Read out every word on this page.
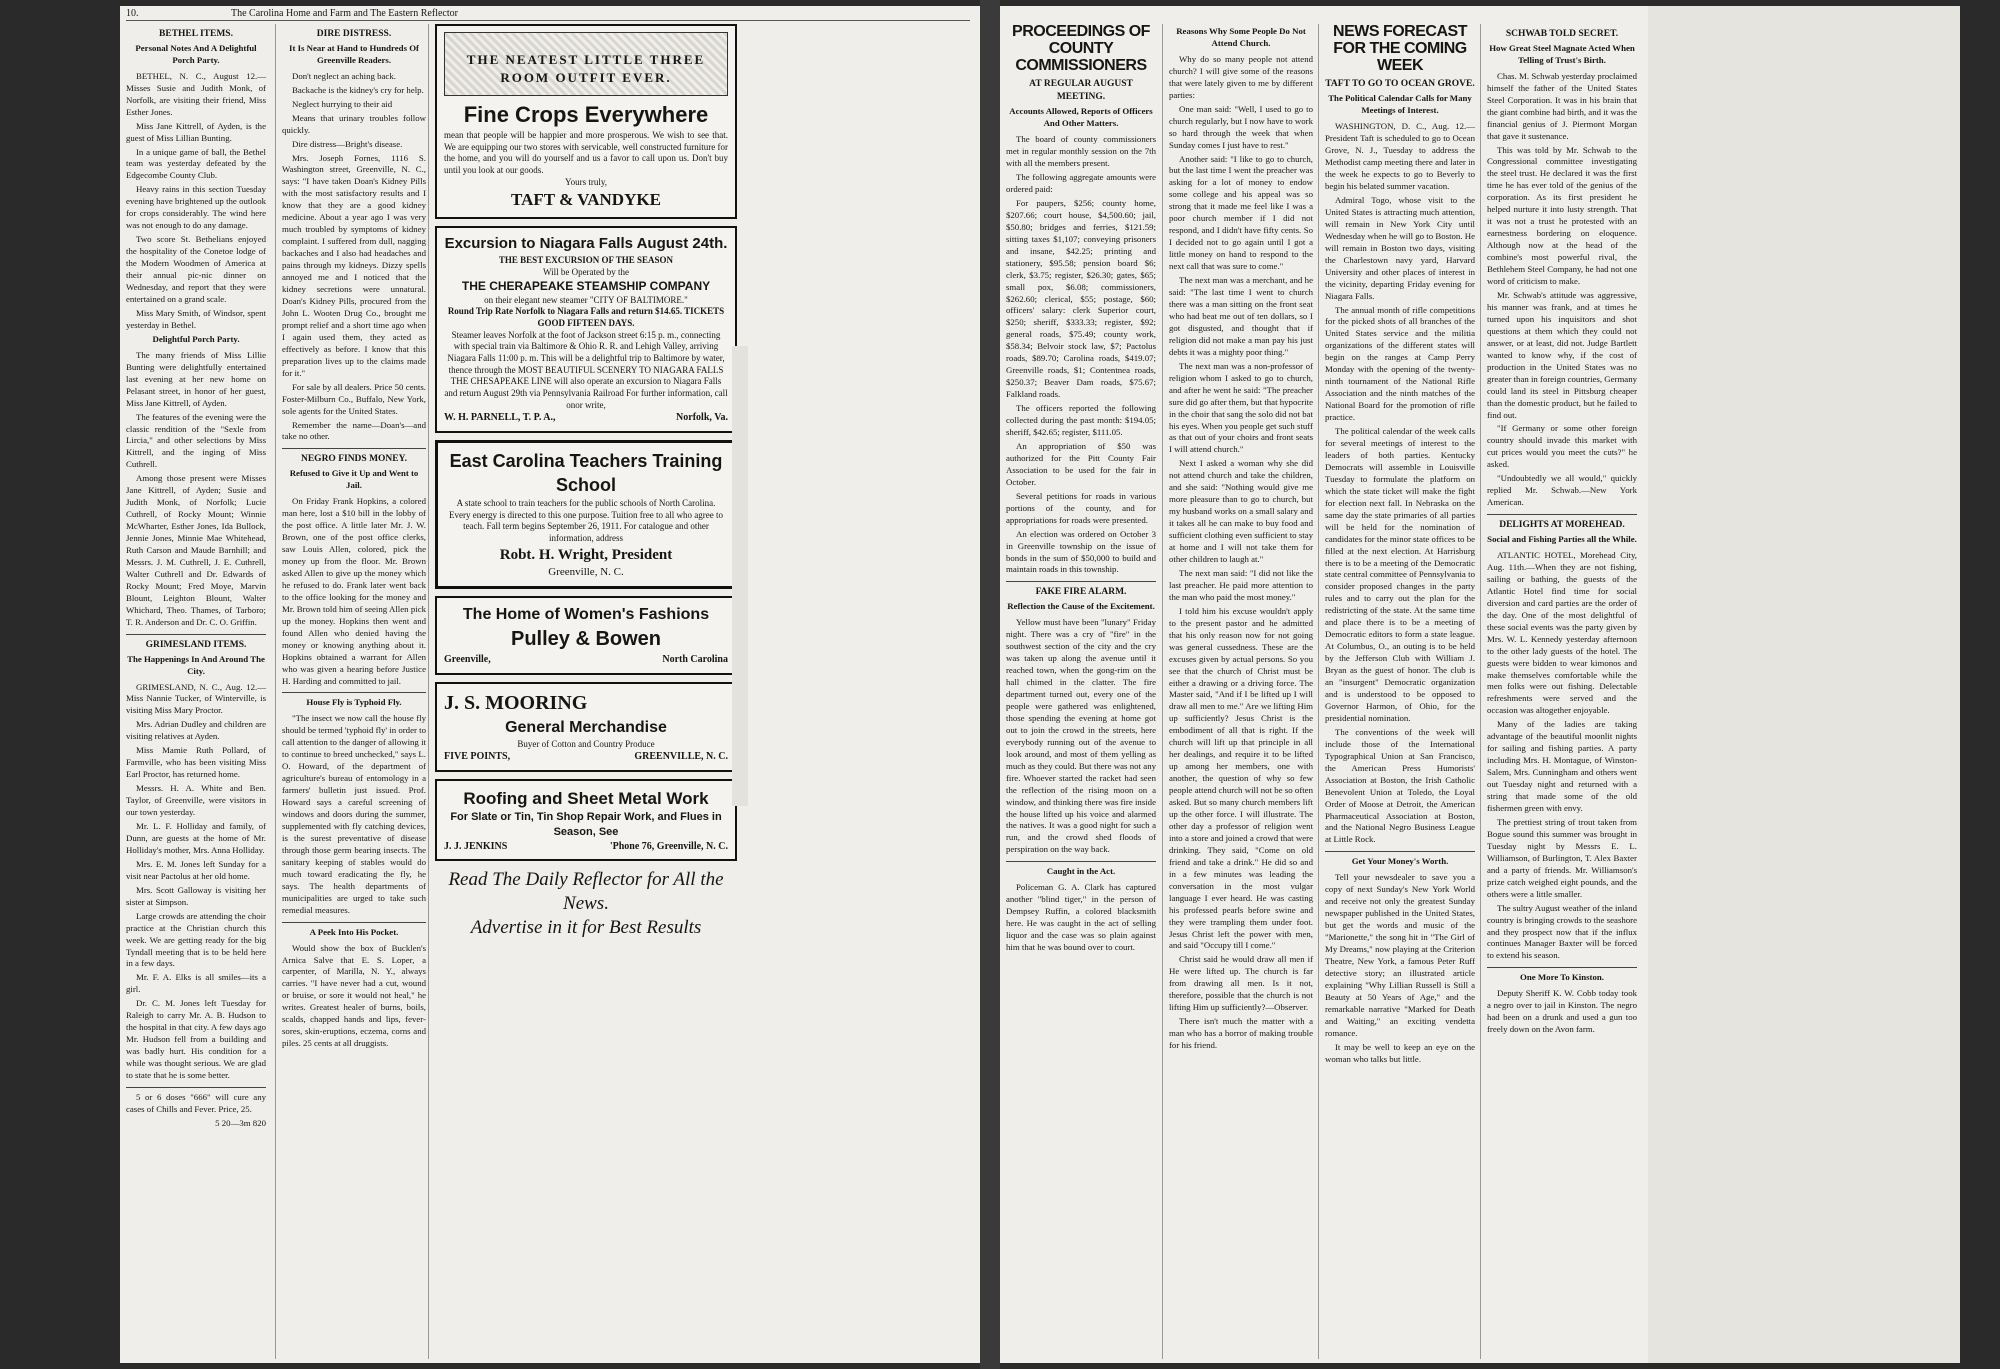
10.	The Carolina Home and Farm and The Eastern Reflector
BETHEL ITEMS.
Personal Notes And A Delightful Porch Party.

BETHEL, N. C., August 12.—Misses Susie and Judith Monk, of Norfolk, are visiting their friend, Miss Esther Jones.

Miss Jane Kittrell, of Ayden, is the guest of Miss Lillian Bunting.

In a unique game of ball, the Bethel team was yesterday defeated by the Edgecombe County Club.

Heavy rains in this section Tuesday evening have brightened up the outlook for crops considerably. The wind here was not enough to do any damage.

Two score St. Bethelians enjoyed the hospitality of the Conetoe lodge of the Modern Woodmen of America at their annual pic-nic dinner on Wednesday, and report that they were entertained on a grand scale.

Miss Mary Smith, of Windsor, spent yesterday in Bethel.

Delightful Porch Party.

The many friends of Miss Lillie Bunting were delightfully entertained last evening at her new home on Pelasant street, in honor of her guest, Miss Jane Kittrell, of Ayden.

The features of the evening were the classic rendition of the "Sexle from Lircia," and other selections by Miss Kittrell, and the inging of Miss Cuthrell.

Among those present were Misses Jane Kittrell, of Ayden; Susie and Judith Monk, of Norfolk; Lucie Cuthrell, of Rocky Mount; Winnie McWharter, Esther Jones, Ida Bullock, Jennie Jones, Minnie Mae Whitehead, Ruth Carson and Maude Barnhill; and Messrs. J. M. Cuthrell, J. E. Cuthrell, Walter Cuthrell and Dr. Edwards of Rocky Mount; Fred Moye, Marvin Blount, Leighton Blount, Walter Whichard, Theo. Thames, of Tarboro; T. R. Anderson and Dr. C. O. Griffin.

GRIMESLAND ITEMS.
The Happenings In And Around The City.

GRIMESLAND, N. C., Aug. 12.—Miss Nannie Tucker, of Winterville, is visiting Miss Mary Proctor.

Mrs. Adrian Dudley and children are visiting relatives at Ayden.

Miss Mamie Ruth Pollard, of Farmville, who has been visiting Miss Earl Proctor, has returned home.

Messrs. H. A. White and Ben. Taylor, of Greenville, were visitors in our town yesterday.

Mr. L. F. Holliday and family, of Dunn, are guests at the home of Mr. Holliday's mother, Mrs. Anna Holliday.

Mrs. E. M. Jones left Sunday for a visit near Pactolus at her old home.

Mrs. Scott Galloway is visiting her sister at Simpson.

Large crowds are attending the choir practice at the Christian church this week. We are getting ready for the big Tyndall meeting that is to be held here in a few days.

Mr. F. A. Elks is all smiles—its a girl.

Dr. C. M. Jones left Tuesday for Raleigh to carry Mr. A. B. Hudson to the hospital in that city. A few days ago Mr. Hudson fell from a building and was badly hurt. His condition for a while was thought serious. We are glad to state that he is some better.

5 or 6 doses "666" will cure any cases of Chills and Fever. Price, 25.

5 20—3m 820

DIRE DISTRESS.
It Is Near at Hand to Hundreds Of Greenville Readers.

Don't neglect an aching back.

Backache is the kidney's cry for help.

Neglect hurrying to their aid

Means that urinary troubles follow quickly.

Dire distress—Bright's disease.

Mrs. Joseph Fornes, 1116 S. Washington street, Greenville, N. C., says: "I have taken Doan's Kidney Pills with the most satisfactory results and I know that they are a good kidney medicine. About a year ago I was very much troubled by symptoms of kidney complaint. I suffered from dull, nagging backaches and I also had headaches and pains through my kidneys. Dizzy spells annoyed me and I noticed that the kidney secretions were unnatural. Doan's Kidney Pills, procured from the John L. Wooten Drug Co., brought me prompt relief and a short time ago when I again used them, they acted as effectively as before. I know that this preparation lives up to the claims made for it."

For sale by all dealers. Price 50 cents. Foster-Milburn Co., Buffalo, New York, sole agents for the United States.

Remember the name—Doan's—and take no other.

NEGRO FINDS MONEY.
Refused to Give it Up and Went to Jail.

On Friday Frank Hopkins, a colored man here, lost a $10 bill in the lobby of the post office. A little later Mr. J. W. Brown, one of the post office clerks, saw Louis Allen, colored, pick the money up from the floor. Mr. Brown asked Allen to give up the money which he refused to do. Frank later went back to the office looking for the money and Mr. Brown told him of seeing Allen pick up the money. Hopkins then went and found Allen who denied having the money or knowing anything about it. Hopkins obtained a warrant for Allen who was given a hearing before Justice H. Harding and committed to jail.

House Fly is Typhoid Fly.

"The insect we now call the house fly should be termed 'typhoid fly' in order to call attention to the danger of allowing it to continue to breed unchecked," says L. O. Howard, of the department of agriculture's bureau of entomology in a farmers' bulletin just issued. Prof. Howard says a careful screening of windows and doors during the summer, supplemented with fly catching devices, is the surest preventative of disease through those germ bearing insects. The sanitary keeping of stables would do much toward eradicating the fly, he says. The health departments of municipalities are urged to take such remedial measures.

A Peek Into His Pocket.

Would show the box of Bucklen's Arnica Salve that E. S. Loper, a carpenter, of Marilla, N. Y., always carries. "I have never had a cut, wound or bruise, or sore it would not heal," he writes. Greatest healer of burns, boils, scalds, chapped hands and lips, fever-sores, skin-eruptions, eczema, corns and piles. 25 cents at all druggists.

THE NEATEST LITTLE THREE ROOM OUTFIT EVER.
Fine Crops Everywhere
mean that people will be happier and more prosperous. We wish to see that. We are equipping our two stores with servicable, well constructed furniture for the home, and you will do yourself and us a favor to call upon us. Don't buy until you look at our goods.
Yours truly,
TAFT & VANDYKE
Excursion to Niagara Falls August 24th.
THE BEST EXCURSION OF THE SEASON
Will be Operated by the
THE CHERAPEAKE STEAMSHIP COMPANY
on their elegant new steamer "CITY OF BALTIMORE."
Round Trip Rate Norfolk to Niagara Falls and return $14.65. TICKETS GOOD FIFTEEN DAYS.
Steamer leaves Norfolk at the foot of Jackson street 6:15 p. m., connecting with special train via Baltimore & Ohio R. R. and Lehigh Valley, arriving Niagara Falls 11:00 p. m. This will be a delightful trip to Baltimore by water, thence through the MOST BEAUTIFUL SCENERY TO NIAGARA FALLS THE CHESAPEAKE LINE will also operate an excursion to Niagara Falls and return August 29th via Pennsylvania Railroad For further information, call onor write,
W. H. PARNELL, T. P. A.,	Norfolk, Va.
East Carolina Teachers Training School
A state school to train teachers for the public schools of North Carolina. Every energy is directed to this one purpose. Tuition free to all who agree to teach. Fall term begins September 26, 1911. For catalogue and other information, address
Robt. H. Wright, President
Greenville, N. C.
The Home of Women's Fashions
Pulley & Bowen
Greenville,	North Carolina
J. S. MOORING
General Merchandise
Buyer of Cotton and Country Produce
FIVE POINTS,	GREENVILLE, N. C.
Roofing and Sheet Metal Work
For Slate or Tin, Tin Shop Repair Work, and Flues in Season, See
J. J. JENKINS	'Phone 76, Greenville, N. C.
Read The Daily Reflector for All the News.
Advertise in it for Best Results
PROCEEDINGS OF COUNTY COMMISSIONERS
AT REGULAR AUGUST MEETING.
Accounts Allowed, Reports of Officers And Other Matters.

The board of county commissioners met in regular monthly session on the 7th with all the members present.

The following aggregate amounts were ordered paid:

For paupers, $256; county home, $207.66; court house, $4,500.60; jail, $50.80; bridges and ferries, $121.59; sitting taxes $1,107; conveying prisoners and insane, $42.25; printing and stationery, $95.58; pension board $6; clerk, $3.75; register, $26.30; gates, $65; small pox, $6.08; commissioners, $262.60; clerical, $55; postage, $60; officers' salary: clerk Superior court, $250; sheriff, $333.33; register, $92; general roads, $75.49; county work, $58.34; Belvoir stock law, $7; Pactolus roads, $89.70; Carolina roads, $419.07; Greenville roads, $1; Contentnea roads, $250.37; Beaver Dam roads, $75.67; Falkland roads.

The officers reported the following collected during the past month: $194.05; sheriff, $42.65; register, $111.05.

An appropriation of $50 was authorized for the Pitt County Fair Association to be used for the fair in October.

Several petitions for roads in various portions of the county, and for appropriations for roads were presented.

An election was ordered on October 3 in Greenville township on the issue of bonds in the sum of $50,000 to build and maintain roads in this township.

FAKE FIRE ALARM.
Reflection the Cause of the Excitement.

Yellow must have been "lunary" Friday night. There was a cry of "fire" in the southwest section of the city and the cry was taken up along the avenue until it reached town, when the gong-rim on the hall chimed in the clatter. The fire department turned out, every one of the people were gathered was enlightened, those spending the evening at home got out to join the crowd in the streets, here everybody running out of the avenue to look around, and most of them yelling as much as they could. But there was not any fire. Whoever started the racket had seen the reflection of the rising moon on a window, and thinking there was fire inside the house lifted up his voice and alarmed the natives. It was a good night for such a run, and the crowd shed floods of perspiration on the way back.

Caught in the Act.

Policeman G. A. Clark has captured another "blind tiger," in the person of Dempsey Ruffin, a colored blacksmith here. He was caught in the act of selling liquor and the case was so plain against him that he was bound over to court.

Reasons Why Some People Do Not Attend Church.

Why do so many people not attend church? I will give some of the reasons that were lately given to me by different parties:

One man said: "Well, I used to go to church regularly, but I now have to work so hard through the week that when Sunday comes I just have to rest."

Another said: "I like to go to church, but the last time I went the preacher was asking for a lot of money to endow some college and his appeal was so strong that it made me feel like I was a poor church member if I did not respond, and I didn't have fifty cents. So I decided not to go again until I got a little money on hand to respond to the next call that was sure to come."

The next man was a merchant, and he said: "The last time I went to church there was a man sitting on the front seat who had beat me out of ten dollars, so I got disgusted, and thought that if religion did not make a man pay his just debts it was a mighty poor thing."

The next man was a non-professor of religion whom I asked to go to church, and after he went he said: "The preacher sure did go after them, but that hypocrite in the choir that sang the solo did not bat his eyes. When you people get such stuff as that out of your choirs and front seats I will attend church."

Next I asked a woman why she did not attend church and take the children, and she said: "Nothing would give me more pleasure than to go to church, but my husband works on a small salary and it takes all he can make to buy food and sufficient clothing even sufficient to stay at home and I will not take them for other children to laugh at."

The next man said: "I did not like the last preacher. He paid more attention to the man who paid the most money."

I told him his excuse wouldn't apply to the present pastor and he admitted that his only reason now for not going was general cussedness. These are the excuses given by actual persons. So you see that the church of Christ must be either a drawing or a driving force. The Master said, "And if I be lifted up I will draw all men to me." Are we lifting Him up sufficiently? Jesus Christ is the embodiment of all that is right. If the church will lift up that principle in all her dealings, and require it to be lifted up among her members, one with another, the question of why so few people attend church will not be so often asked. But so many church members lift up the other force. I will illustrate. The other day a professor of religion went into a store and joined a crowd that were drinking. They said, "Come on old friend and take a drink." He did so and in a few minutes was leading the conversation in the most vulgar language I ever heard. He was casting his professed pearls before swine and they were trampling them under foot. Jesus Christ left the power with men, and said "Occupy till I come."

Christ said he would draw all men if He were lifted up. The church is far from drawing all men. Is it not, therefore, possible that the church is not lifting Him up sufficiently?—Observer.

There isn't much the matter with a man who has a horror of making trouble for his friend.

NEWS FORECAST FOR THE COMING WEEK
TAFT TO GO TO OCEAN GROVE.
The Political Calendar Calls for Many Meetings of Interest.

WASHINGTON, D. C., Aug. 12.—President Taft is scheduled to go to Ocean Grove, N. J., Tuesday to address the Methodist camp meeting there and later in the week he expects to go to Beverly to begin his belated summer vacation.

Admiral Togo, whose visit to the United States is attracting much attention, will remain in New York City until Wednesday when he will go to Boston. He will remain in Boston two days, visiting the Charlestown navy yard, Harvard University and other places of interest in the vicinity, departing Friday evening for Niagara Falls.

The annual month of rifle competitions for the picked shots of all branches of the United States service and the militia organizations of the different states will begin on the ranges at Camp Perry Monday with the opening of the twenty-ninth tournament of the National Rifle Association and the ninth matches of the National Board for the promotion of rifle practice.

The political calendar of the week calls for several meetings of interest to the leaders of both parties. Kentucky Democrats will assemble in Louisville Tuesday to formulate the platform on which the state ticket will make the fight for election next fall. In Nebraska on the same day the state primaries of all parties will be held for the nomination of candidates for the minor state offices to be filled at the next election. At Harrisburg there is to be a meeting of the Democratic state central committee of Pennsylvania to consider proposed changes in the party rules and to carry out the plan for the redistricting of the state. At the same time and place there is to be a meeting of Democratic editors to form a state league. At Columbus, O., an outing is to be held by the Jefferson Club with William J. Bryan as the guest of honor. The club is an "insurgent" Democratic organization and is understood to be opposed to Governor Harmon, of Ohio, for the presidential nomination.

The conventions of the week will include those of the International Typographical Union at San Francisco, the American Press Humorists' Association at Boston, the Irish Catholic Benevolent Union at Toledo, the Loyal Order of Moose at Detroit, the American Pharmaceutical Association at Boston, and the National Negro Business League at Little Rock.

Get Your Money's Worth.

Tell your newsdealer to save you a copy of next Sunday's New York World and receive not only the greatest Sunday newspaper published in the United States, but get the words and music of the "Marionette," the song hit in "The Girl of My Dreams," now playing at the Criterion Theatre, New York, a famous Peter Ruff detective story; an illustrated article explaining "Why Lillian Russell is Still a Beauty at 50 Years of Age," and the remarkable narrative "Marked for Death and Waiting," an exciting vendetta romance.

It may be well to keep an eye on the woman who talks but little.

SCHWAB TOLD SECRET.
How Great Steel Magnate Acted When Telling of Trust's Birth.

Chas. M. Schwab yesterday proclaimed himself the father of the United States Steel Corporation. It was in his brain that the giant combine had birth, and it was the financial genius of J. Piermont Morgan that gave it sustenance.

This was told by Mr. Schwab to the Congressional committee investigating the steel trust. He declared it was the first time he has ever told of the genius of the corporation. As its first president he helped nurture it into lusty strength. That it was not a trust he protested with an earnestness bordering on eloquence. Although now at the head of the combine's most powerful rival, the Bethlehem Steel Company, he had not one word of criticism to make.

Mr. Schwab's attitude was aggressive, his manner was frank, and at times he turned upon his inquisitors and shot questions at them which they could not answer, or at least, did not. Judge Bartlett wanted to know why, if the cost of production in the United States was no greater than in foreign countries, Germany could land its steel in Pittsburg cheaper than the domestic product, but he failed to find out.

"If Germany or some other foreign country should invade this market with cut prices would you meet the cuts?" he asked.

"Undoubtedly we all would," quickly replied Mr. Schwab.—New York American.

DELIGHTS AT MOREHEAD.
Social and Fishing Parties all the While.

ATLANTIC HOTEL, Morehead City, Aug. 11th.—When they are not fishing, sailing or bathing, the guests of the Atlantic Hotel find time for social diversion and card parties are the order of the day. One of the most delightful of these social events was the party given by Mrs. W. L. Kennedy yesterday afternoon to the other lady guests of the hotel. The guests were bidden to wear kimonos and make themselves comfortable while the men folks were out fishing. Delectable refreshments were served and the occasion was altogether enjoyable.

Many of the ladies are taking advantage of the beautiful moonlit nights for sailing and fishing parties. A party including Mrs. H. Montague, of Winston-Salem, Mrs. Cunningham and others went out Tuesday night and returned with a string that made some of the old fishermen green with envy.

The prettiest string of trout taken from Bogue sound this summer was brought in Tuesday night by Messrs E. L. Williamson, of Burlington, T. Alex Baxter and a party of friends. Mr. Williamson's prize catch weighed eight pounds, and the others were a little smaller.

The sultry August weather of the inland country is bringing crowds to the seashore and they prospect now that if the influx continues Manager Baxter will be forced to extend his season.

One More To Kinston.

Deputy Sheriff K. W. Cobb today took a negro over to jail in Kinston. The negro had been on a drunk and used a gun too freely down on the Avon farm.
